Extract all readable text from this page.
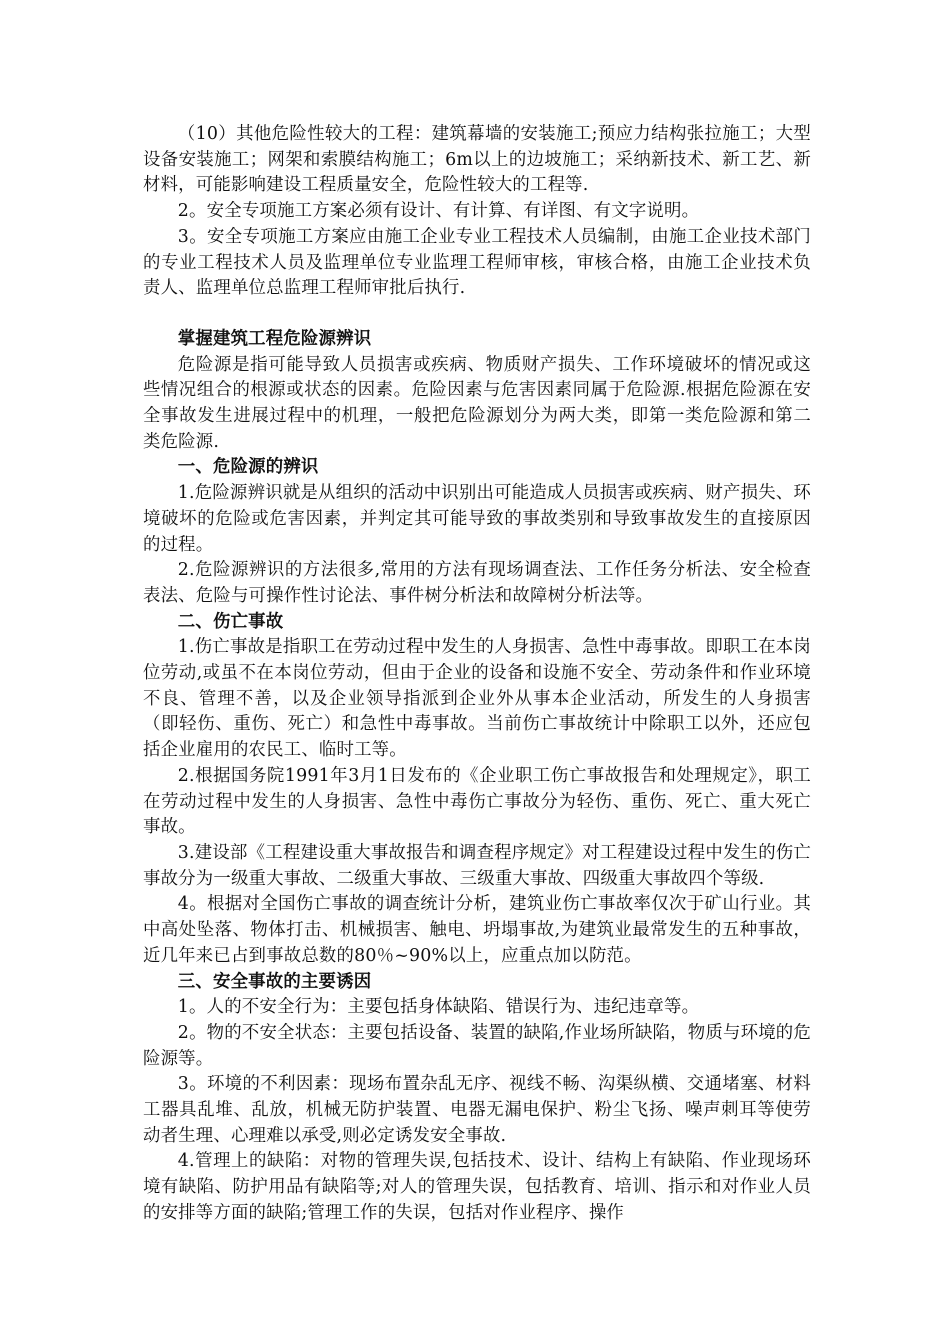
（10）其他危险性较大的工程：建筑幕墙的安装施工;预应力结构张拉施工；大型设备安装施工；网架和索膜结构施工；6m以上的边坡施工；采纳新技术、新工艺、新材料，可能影响建设工程质量安全，危险性较大的工程等.

2。安全专项施工方案必须有设计、有计算、有详图、有文字说明。

3。安全专项施工方案应由施工企业专业工程技术人员编制，由施工企业技术部门的专业工程技术人员及监理单位专业监理工程师审核，审核合格，由施工企业技术负责人、监理单位总监理工程师审批后执行.

掌握建筑工程危险源辨识

危险源是指可能导致人员损害或疾病、物质财产损失、工作环境破坏的情况或这些情况组合的根源或状态的因素。危险因素与危害因素同属于危险源.根据危险源在安全事故发生进展过程中的机理，一般把危险源划分为两大类，即第一类危险源和第二类危险源.

一、危险源的辨识

1.危险源辨识就是从组织的活动中识别出可能造成人员损害或疾病、财产损失、环境破坏的危险或危害因素，并判定其可能导致的事故类别和导致事故发生的直接原因的过程。

2.危险源辨识的方法很多,常用的方法有现场调查法、工作任务分析法、安全检查表法、危险与可操作性讨论法、事件树分析法和故障树分析法等。

二、伤亡事故

1.伤亡事故是指职工在劳动过程中发生的人身损害、急性中毒事故。即职工在本岗位劳动,或虽不在本岗位劳动，但由于企业的设备和设施不安全、劳动条件和作业环境不良、管理不善，以及企业领导指派到企业外从事本企业活动，所发生的人身损害（即轻伤、重伤、死亡）和急性中毒事故。当前伤亡事故统计中除职工以外，还应包括企业雇用的农民工、临时工等。

2.根据国务院1991年3月1日发布的《企业职工伤亡事故报告和处理规定》，职工在劳动过程中发生的人身损害、急性中毒伤亡事故分为轻伤、重伤、死亡、重大死亡事故。

3.建设部《工程建设重大事故报告和调查程序规定》对工程建设过程中发生的伤亡事故分为一级重大事故、二级重大事故、三级重大事故、四级重大事故四个等级.

4。根据对全国伤亡事故的调查统计分析，建筑业伤亡事故率仅次于矿山行业。其中高处坠落、物体打击、机械损害、触电、坍塌事故,为建筑业最常发生的五种事故，近几年来已占到事故总数的80％~90%以上，应重点加以防范。

三、安全事故的主要诱因

1。人的不安全行为：主要包括身体缺陷、错误行为、违纪违章等。

2。物的不安全状态：主要包括设备、装置的缺陷,作业场所缺陷，物质与环境的危险源等。

3。环境的不利因素：现场布置杂乱无序、视线不畅、沟渠纵横、交通堵塞、材料工器具乱堆、乱放，机械无防护装置、电器无漏电保护、粉尘飞扬、噪声刺耳等使劳动者生理、心理难以承受,则必定诱发安全事故.

4.管理上的缺陷：对物的管理失误,包括技术、设计、结构上有缺陷、作业现场环境有缺陷、防护用品有缺陷等;对人的管理失误，包括教育、培训、指示和对作业人员的安排等方面的缺陷;管理工作的失误，包括对作业程序、操作
